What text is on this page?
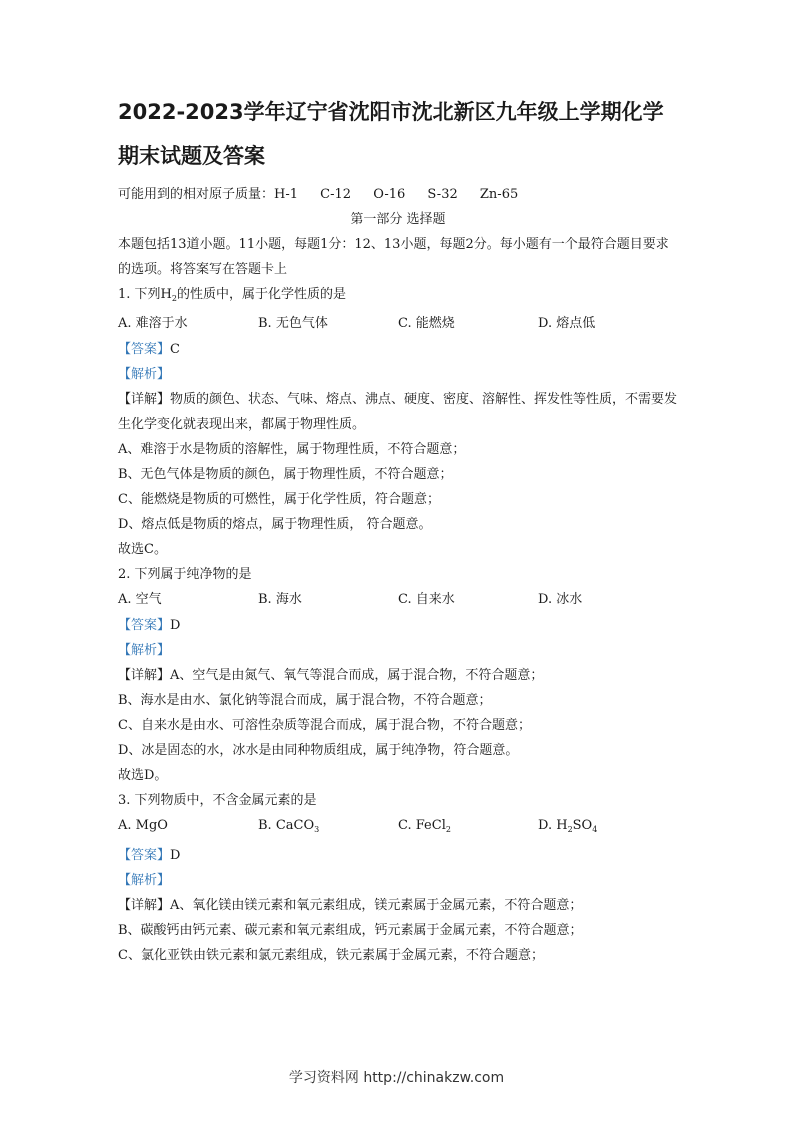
2022-2023学年辽宁省沈阳市沈北新区九年级上学期化学期末试题及答案
可能用到的相对原子质量：H-1 C-12 O-16 S-32 Zn-65
第一部分 选择题
本题包括13道小题。11小题，每题1分：12、13小题，每题2分。每小题有一个最符合题目要求的选项。将答案写在答题卡上
1. 下列$H_2$的性质中，属于化学性质的是
A. 难溶于水	B. 无色气体	C. 能燃烧	D. 熔点低
【答案】C
【解析】
【详解】物质的颜色、状态、气味、熔点、沸点、硬度、密度、溶解性、挥发性等性质，不需要发生化学变化就表现出来，都属于物理性质。
A、难溶于水是物质的溶解性，属于物理性质，不符合题意；
B、无色气体是物质的颜色，属于物理性质，不符合题意；
C、能燃烧是物质的可燃性，属于化学性质，符合题意；
D、熔点低是物质的熔点，属于物理性质， 符合题意。
故选C。
2. 下列属于纯净物的是
A. 空气	B. 海水	C. 自来水	D. 冰水
【答案】D
【解析】
【详解】A、空气是由氮气、氧气等混合而成，属于混合物，不符合题意；
B、海水是由水、氯化钠等混合而成，属于混合物，不符合题意；
C、自来水是由水、可溶性杂质等混合而成，属于混合物，不符合题意；
D、冰是固态的水，冰水是由同种物质组成，属于纯净物，符合题意。
故选D。
3. 下列物质中，不含金属元素的是
A. MgO	B. CaCO$_3$	C. FeCl$_2$	D. $H_2SO_4$
【答案】D
【解析】
【详解】A、氧化镁由镁元素和氧元素组成，镁元素属于金属元素，不符合题意；
B、碳酸钙由钙元素、碳元素和氧元素组成，钙元素属于金属元素，不符合题意；
C、氯化亚铁由铁元素和氯元素组成，铁元素属于金属元素，不符合题意；
学习资料网 http://chinakzw.com
